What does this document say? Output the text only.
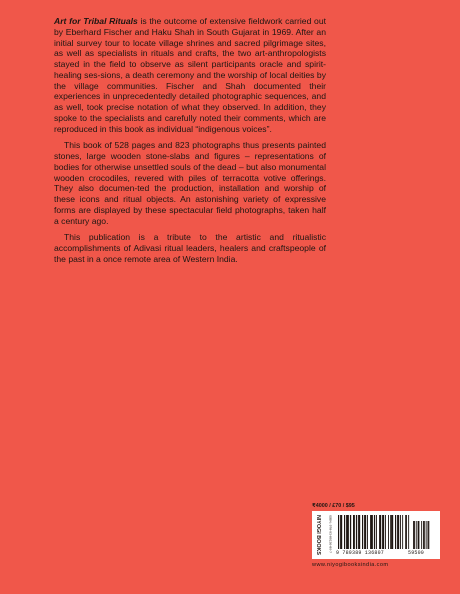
Art for Tribal Rituals is the outcome of extensive fieldwork carried out by Eberhard Fischer and Haku Shah in South Gujarat in 1969. After an initial survey tour to locate village shrines and sacred pilgrimage sites, as well as specialists in rituals and crafts, the two art-anthropologists stayed in the field to observe as silent participants oracle and spirit-healing ses-sions, a death ceremony and the worship of local deities by the village communities. Fischer and Shah documented their experiences in unprecedentedly detailed photographic sequences, and as well, took precise notation of what they observed. In addition, they spoke to the specialists and carefully noted their comments, which are reproduced in this book as individual “indigenous voices”.

This book of 528 pages and 823 photographs thus presents painted stones, large wooden stone-slabs and figures – representations of bodies for otherwise unsettled souls of the dead – but also monumental wooden crocodiles, revered with piles of terracotta votive offerings. They also documen-ted the production, installation and worship of these icons and ritual objects. An astonishing variety of expressive forms are displayed by these spectacular field photographs, taken half a century ago.

This publication is a tribute to the artistic and ritualistic accomplishments of Adivasi ritual leaders, healers and craftspeople of the past in a once remote area of Western India.

₹4000 / £70 / $95
NIYOGI BOOKS	ISBN: 978-93-89136-80-7
9 789389 136807	59500
www.niyogibooksindia.com
